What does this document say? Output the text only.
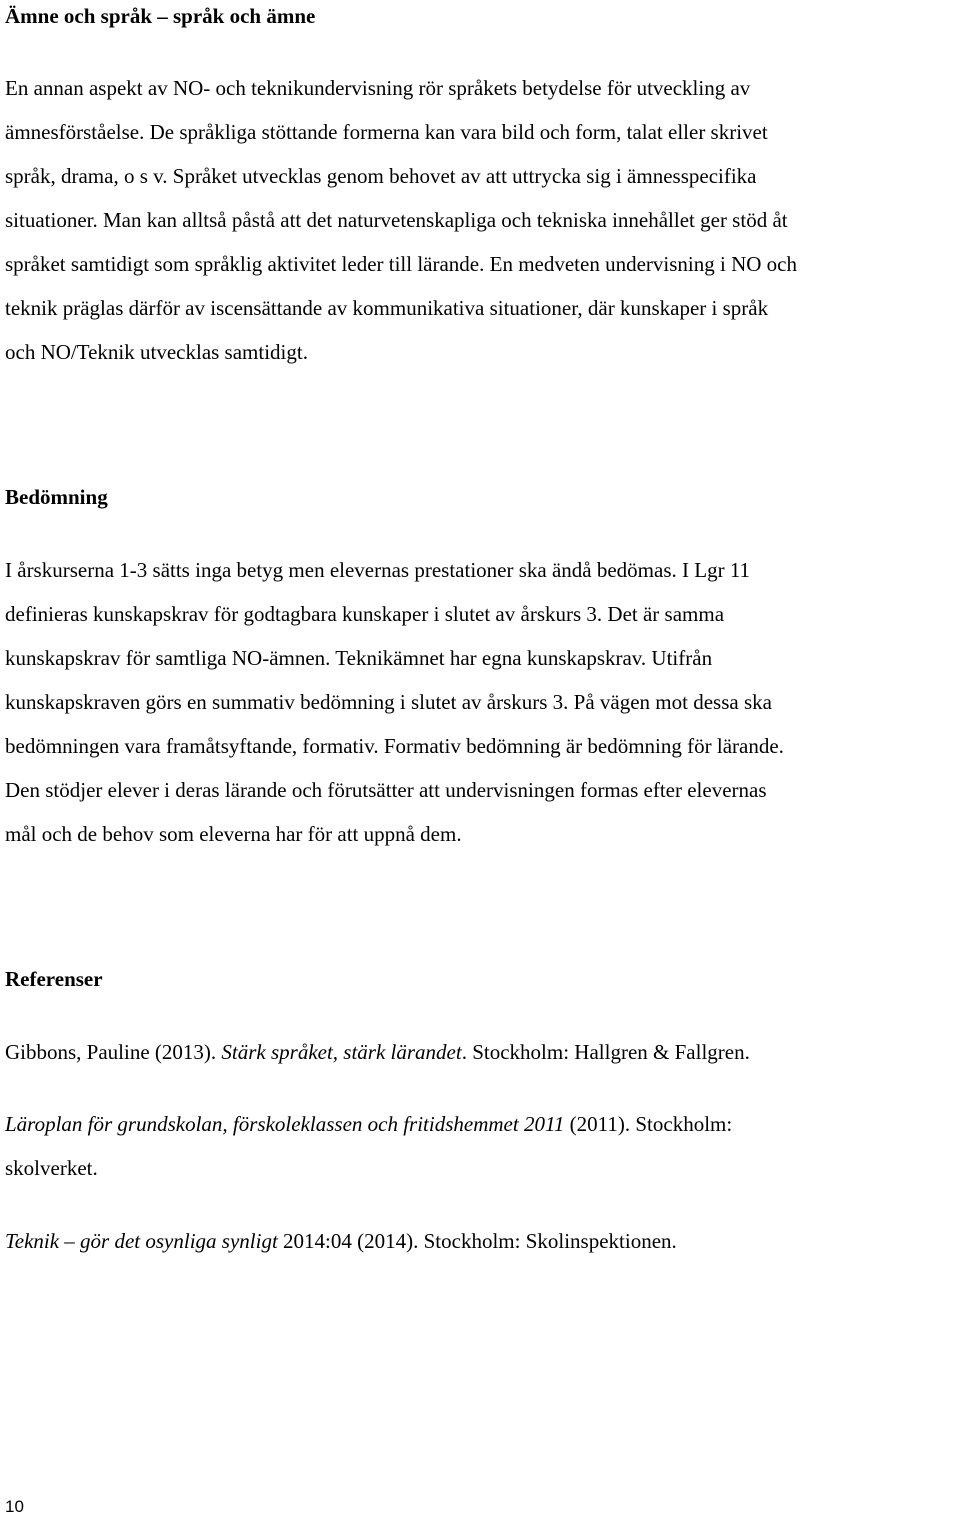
Ämne och språk – språk och ämne
En annan aspekt av NO- och teknikundervisning rör språkets betydelse för utveckling av
ämnesförståelse. De språkliga stöttande formerna kan vara bild och form, talat eller skrivet
språk, drama, o s v. Språket utvecklas genom behovet av att uttrycka sig i ämnesspecifika
situationer. Man kan alltså påstå att det naturvetenskapliga och tekniska innehållet ger stöd åt
språket samtidigt som språklig aktivitet leder till lärande. En medveten undervisning i NO och
teknik präglas därför av iscensättande av kommunikativa situationer, där kunskaper i språk
och NO/Teknik utvecklas samtidigt.
Bedömning
I årskurserna 1-3 sätts inga betyg men elevernas prestationer ska ändå bedömas. I Lgr 11
definieras kunskapskrav för godtagbara kunskaper i slutet av årskurs 3. Det är samma
kunskapskrav för samtliga NO-ämnen. Teknikämnet har egna kunskapskrav. Utifrån
kunskapskraven görs en summativ bedömning i slutet av årskurs 3. På vägen mot dessa ska
bedömningen vara framåtsyftande, formativ. Formativ bedömning är bedömning för lärande.
Den stödjer elever i deras lärande och förutsätter att undervisningen formas efter elevernas
mål och de behov som eleverna har för att uppnå dem.
Referenser
Gibbons, Pauline (2013). Stärk språket, stärk lärandet. Stockholm: Hallgren & Fallgren.
Läroplan för grundskolan, förskoleklassen och fritidshemmet 2011 (2011). Stockholm:
skolverket.
Teknik – gör det osynliga synligt 2014:04 (2014). Stockholm: Skolinspektionen.
10
